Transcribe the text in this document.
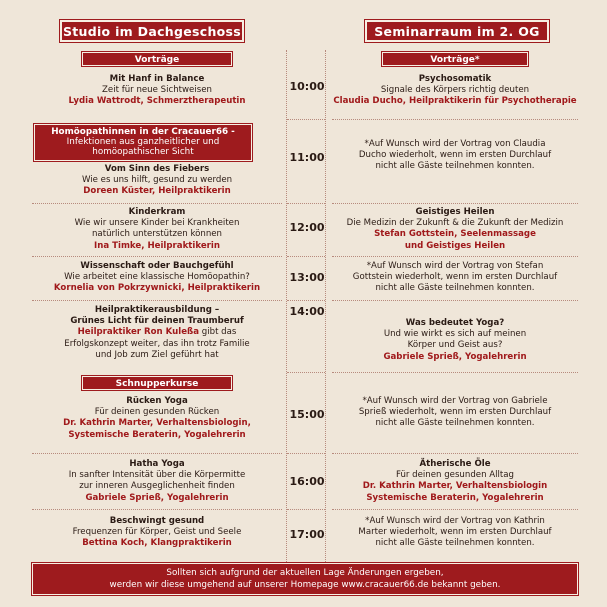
Studio im Dachgeschoss	Seminarraum im 2. OG
Vorträge
Mit Hanf in Balance
Zeit für neue Sichtweisen
Lydia Wattrodt, Schmerztherapeutin
Homöopathinnen in der Cracauer66 -
Infektionen aus ganzheitlicher und
homöopathischer Sicht
Vom Sinn des Fiebers
Wie es uns hilft, gesund zu werden
Doreen Küster, Heilpraktikerin
Kinderkram
Wie wir unsere Kinder bei Krankheiten
natürlich unterstützen können
Ina Timke, Heilpraktikerin
Wissenschaft oder Bauchgefühl
Wie arbeitet eine klassische Homöopathin?
Kornelia von Pokrzywnicki, Heilpraktikerin
Heilpraktikerausbildung –
Grünes Licht für deinen Traumberuf
Heilpraktiker Ron Kuleßa gibt das
Erfolgskonzept weiter, das ihn trotz Familie
und Job zum Ziel geführt hat
Schnupperkurse
Rücken Yoga
Für deinen gesunden Rücken
Dr. Kathrin Marter, Verhaltensbiologin,
Systemische Beraterin, Yogalehrerin
Hatha Yoga
In sanfter Intensität über die Körpermitte
zur inneren Ausgeglichenheit finden
Gabriele Sprieß, Yogalehrerin
Beschwingt gesund
Frequenzen für Körper, Geist und Seele
Bettina Koch, Klangpraktikerin
10:00
11:00
12:00
13:00
14:00
15:00
16:00
17:00
Vorträge*
Psychosomatik
Signale des Körpers richtig deuten
Claudia Ducho, Heilpraktikerin für Psychotherapie
*Auf Wunsch wird der Vortrag von Claudia
Ducho wiederholt, wenn im ersten Durchlauf
nicht alle Gäste teilnehmen konnten.
Geistiges Heilen
Die Medizin der Zukunft & die Zukunft der Medizin
Stefan Gottstein, Seelenmassage
und Geistiges Heilen
*Auf Wunsch wird der Vortrag von Stefan
Gottstein wiederholt, wenn im ersten Durchlauf
nicht alle Gäste teilnehmen konnten.
Was bedeutet Yoga?
Und wie wirkt es sich auf meinen
Körper und Geist aus?
Gabriele Sprieß, Yogalehrerin
*Auf Wunsch wird der Vortrag von Gabriele
Sprieß wiederholt, wenn im ersten Durchlauf
nicht alle Gäste teilnehmen konnten.
Ätherische Öle
Für deinen gesunden Alltag
Dr. Kathrin Marter, Verhaltensbiologin
Systemische Beraterin, Yogalehrerin
*Auf Wunsch wird der Vortrag von Kathrin
Marter wiederholt, wenn im ersten Durchlauf
nicht alle Gäste teilnehmen konnten.
Sollten sich aufgrund der aktuellen Lage Änderungen ergeben,
werden wir diese umgehend auf unserer Homepage www.cracauer66.de bekannt geben.
